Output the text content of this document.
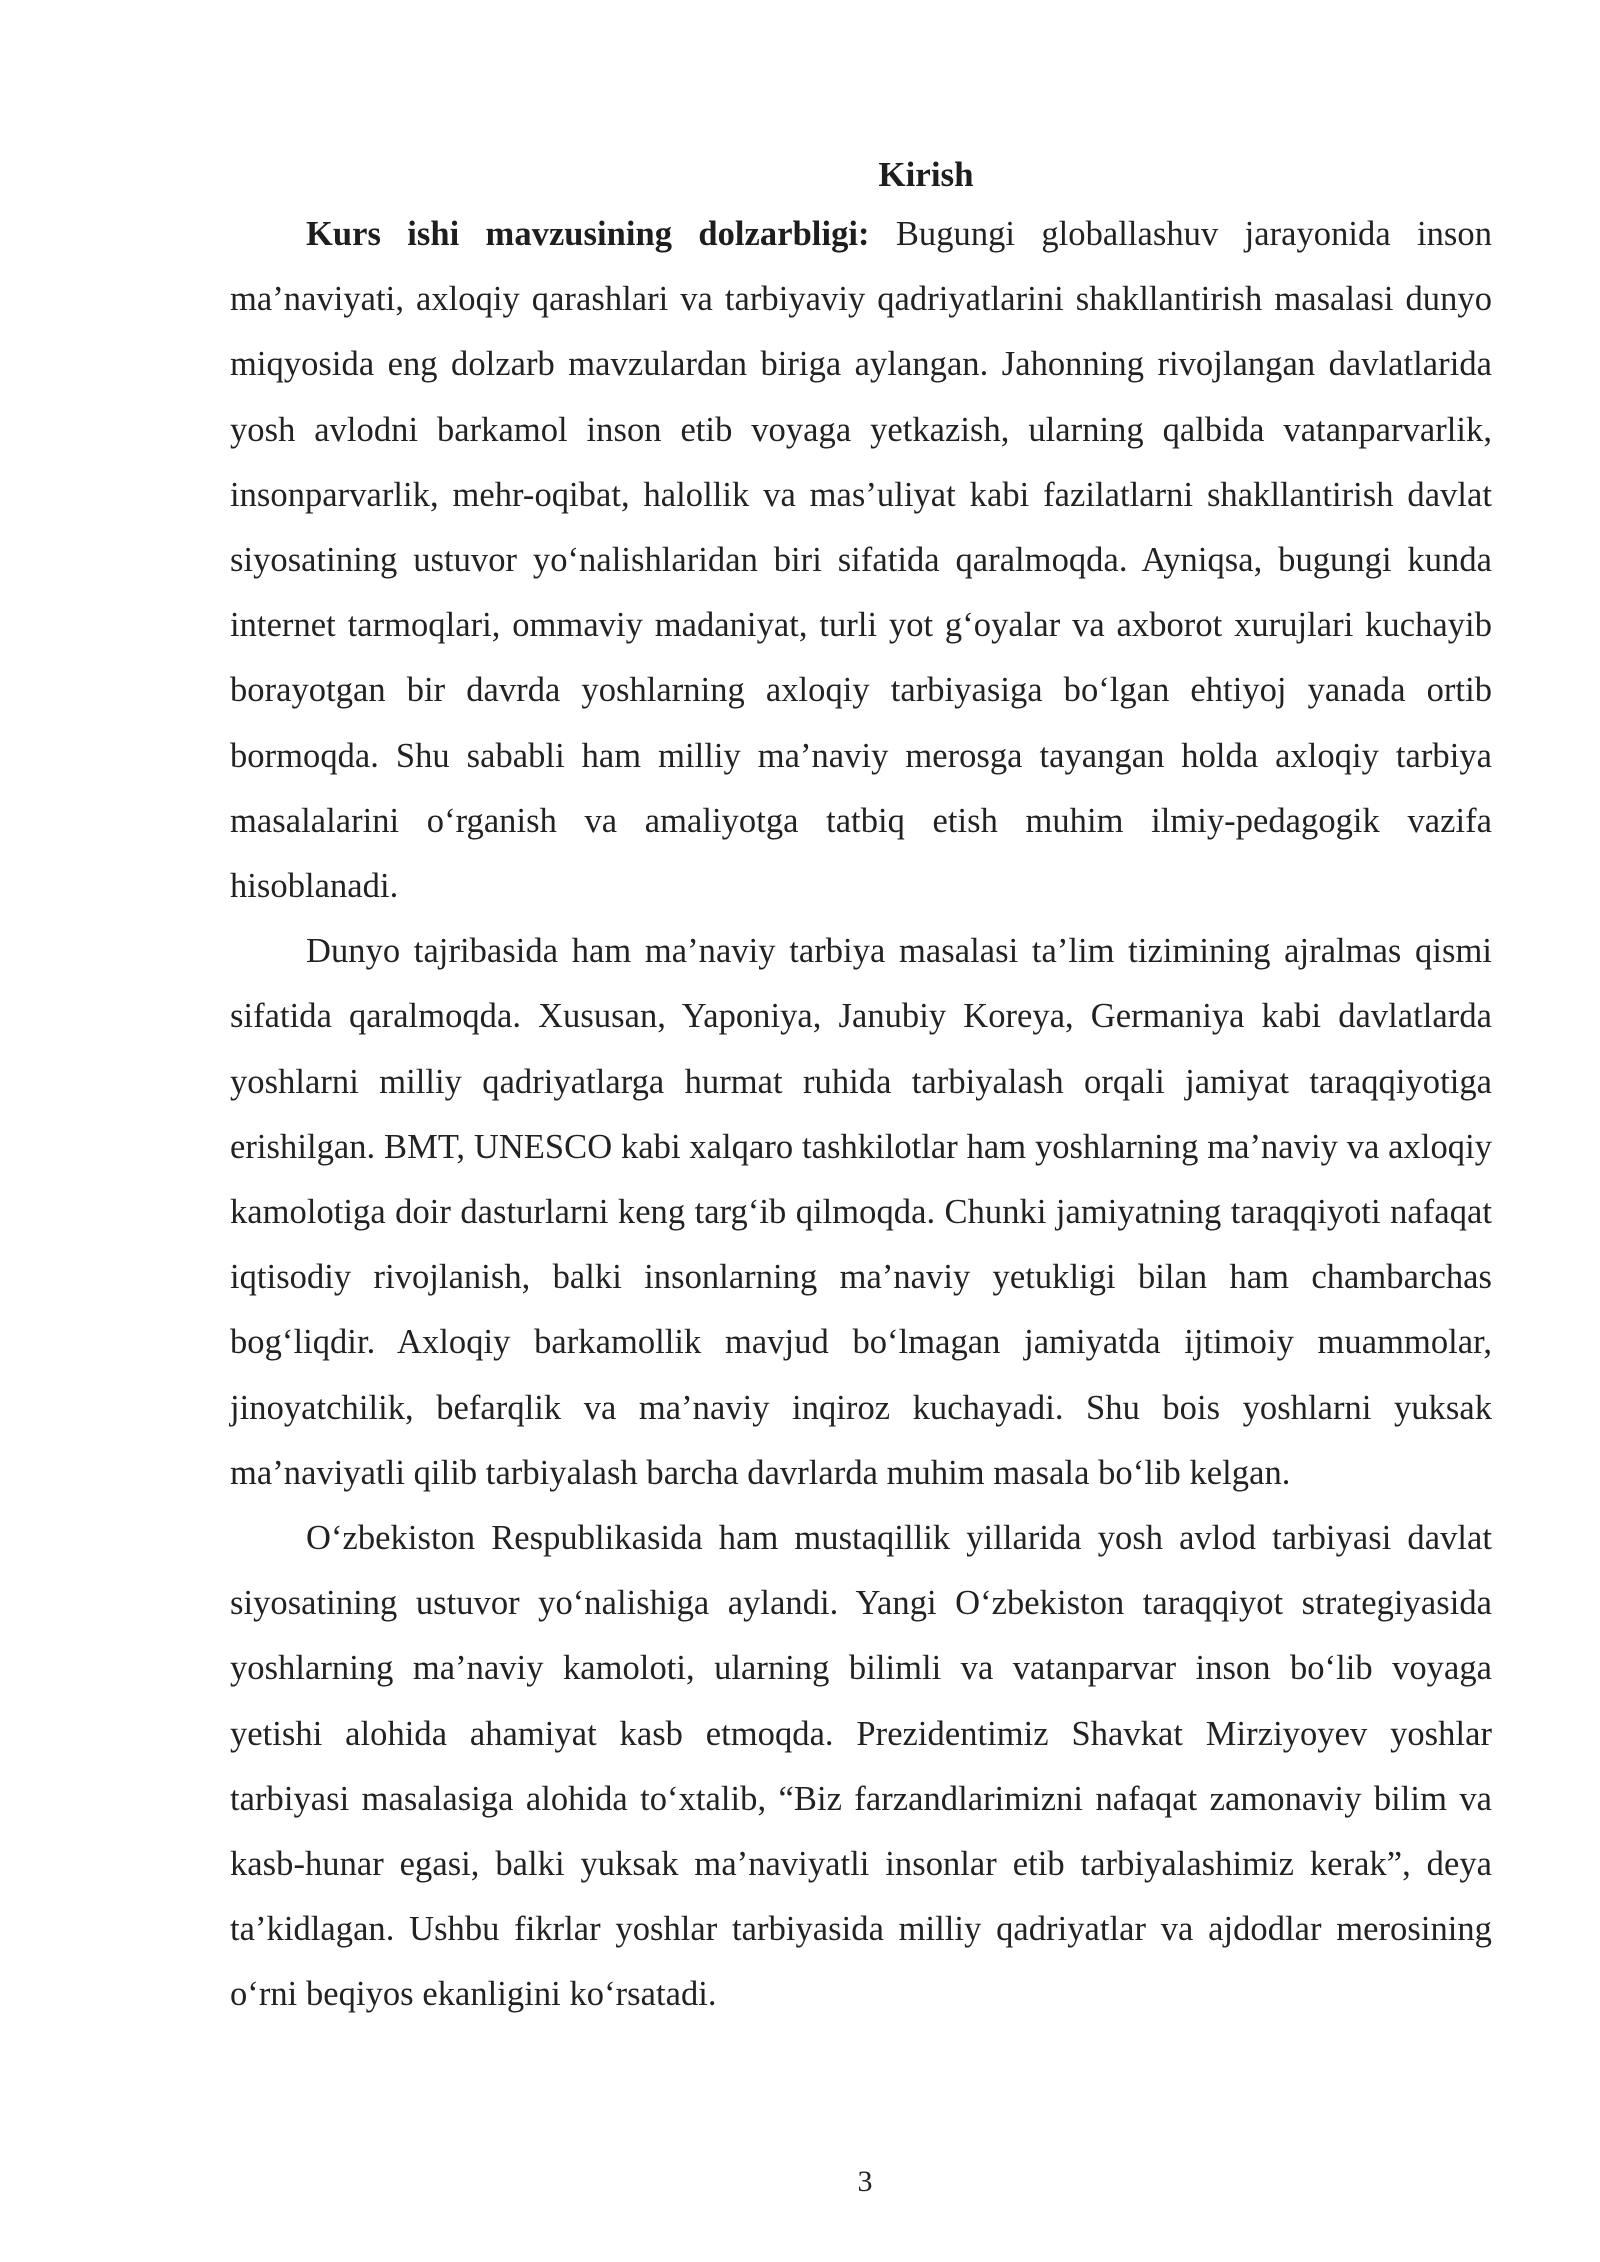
Kirish

Kurs ishi mavzusining dolzarbligi: Bugungi globallashuv jarayonida inson ma’naviyati, axloqiy qarashlari va tarbiyaviy qadriyatlarini shakllantirish masalasi dunyo miqyosida eng dolzarb mavzulardan biriga aylangan. Jahonning rivojlangan davlatlarida yosh avlodni barkamol inson etib voyaga yetkazish, ularning qalbida vatanparvarlik, insonparvarlik, mehr-oqibat, halollik va mas’uliyat kabi fazilatlarni shakllantirish davlat siyosatining ustuvor yo‘nalishlaridan biri sifatida qaralmoqda. Ayniqsa, bugungi kunda internet tarmoqlari, ommaviy madaniyat, turli yot g‘oyalar va axborot xurujlari kuchayib borayotgan bir davrda yoshlarning axloqiy tarbiyasiga bo‘lgan ehtiyoj yanada ortib bormoqda. Shu sababli ham milliy ma’naviy merosga tayangan holda axloqiy tarbiya masalalarini o‘rganish va amaliyotga tatbiq etish muhim ilmiy-pedagogik vazifa hisoblanadi.

Dunyo tajribasida ham ma’naviy tarbiya masalasi ta’lim tizimining ajralmas qismi sifatida qaralmoqda. Xususan, Yaponiya, Janubiy Koreya, Germaniya kabi davlatlarda yoshlarni milliy qadriyatlarga hurmat ruhida tarbiyalash orqali jamiyat taraqqiyotiga erishilgan. BMT, UNESCO kabi xalqaro tashkilotlar ham yoshlarning ma’naviy va axloqiy kamolotiga doir dasturlarni keng targ‘ib qilmoqda. Chunki jamiyatning taraqqiyoti nafaqat iqtisodiy rivojlanish, balki insonlarning ma’naviy yetukligi bilan ham chambarchas bog‘liqdir. Axloqiy barkamollik mavjud bo‘lmagan jamiyatda ijtimoiy muammolar, jinoyatchilik, befarqlik va ma’naviy inqiroz kuchayadi. Shu bois yoshlarni yuksak ma’naviyatli qilib tarbiyalash barcha davrlarda muhim masala bo‘lib kelgan.

O‘zbekiston Respublikasida ham mustaqillik yillarida yosh avlod tarbiyasi davlat siyosatining ustuvor yo‘nalishiga aylandi. Yangi O‘zbekiston taraqqiyot strategiyasida yoshlarning ma’naviy kamoloti, ularning bilimli va vatanparvar inson bo‘lib voyaga yetishi alohida ahamiyat kasb etmoqda. Prezidentimiz Shavkat Mirziyoyev yoshlar tarbiyasi masalasiga alohida to‘xtalib, “Biz farzandlarimizni nafaqat zamonaviy bilim va kasb-hunar egasi, balki yuksak ma’naviyatli insonlar etib tarbiyalashimiz kerak”, deya ta’kidlagan. Ushbu fikrlar yoshlar tarbiyasida milliy qadriyatlar va ajdodlar merosining o‘rni beqiyos ekanligini ko‘rsatadi.

3
